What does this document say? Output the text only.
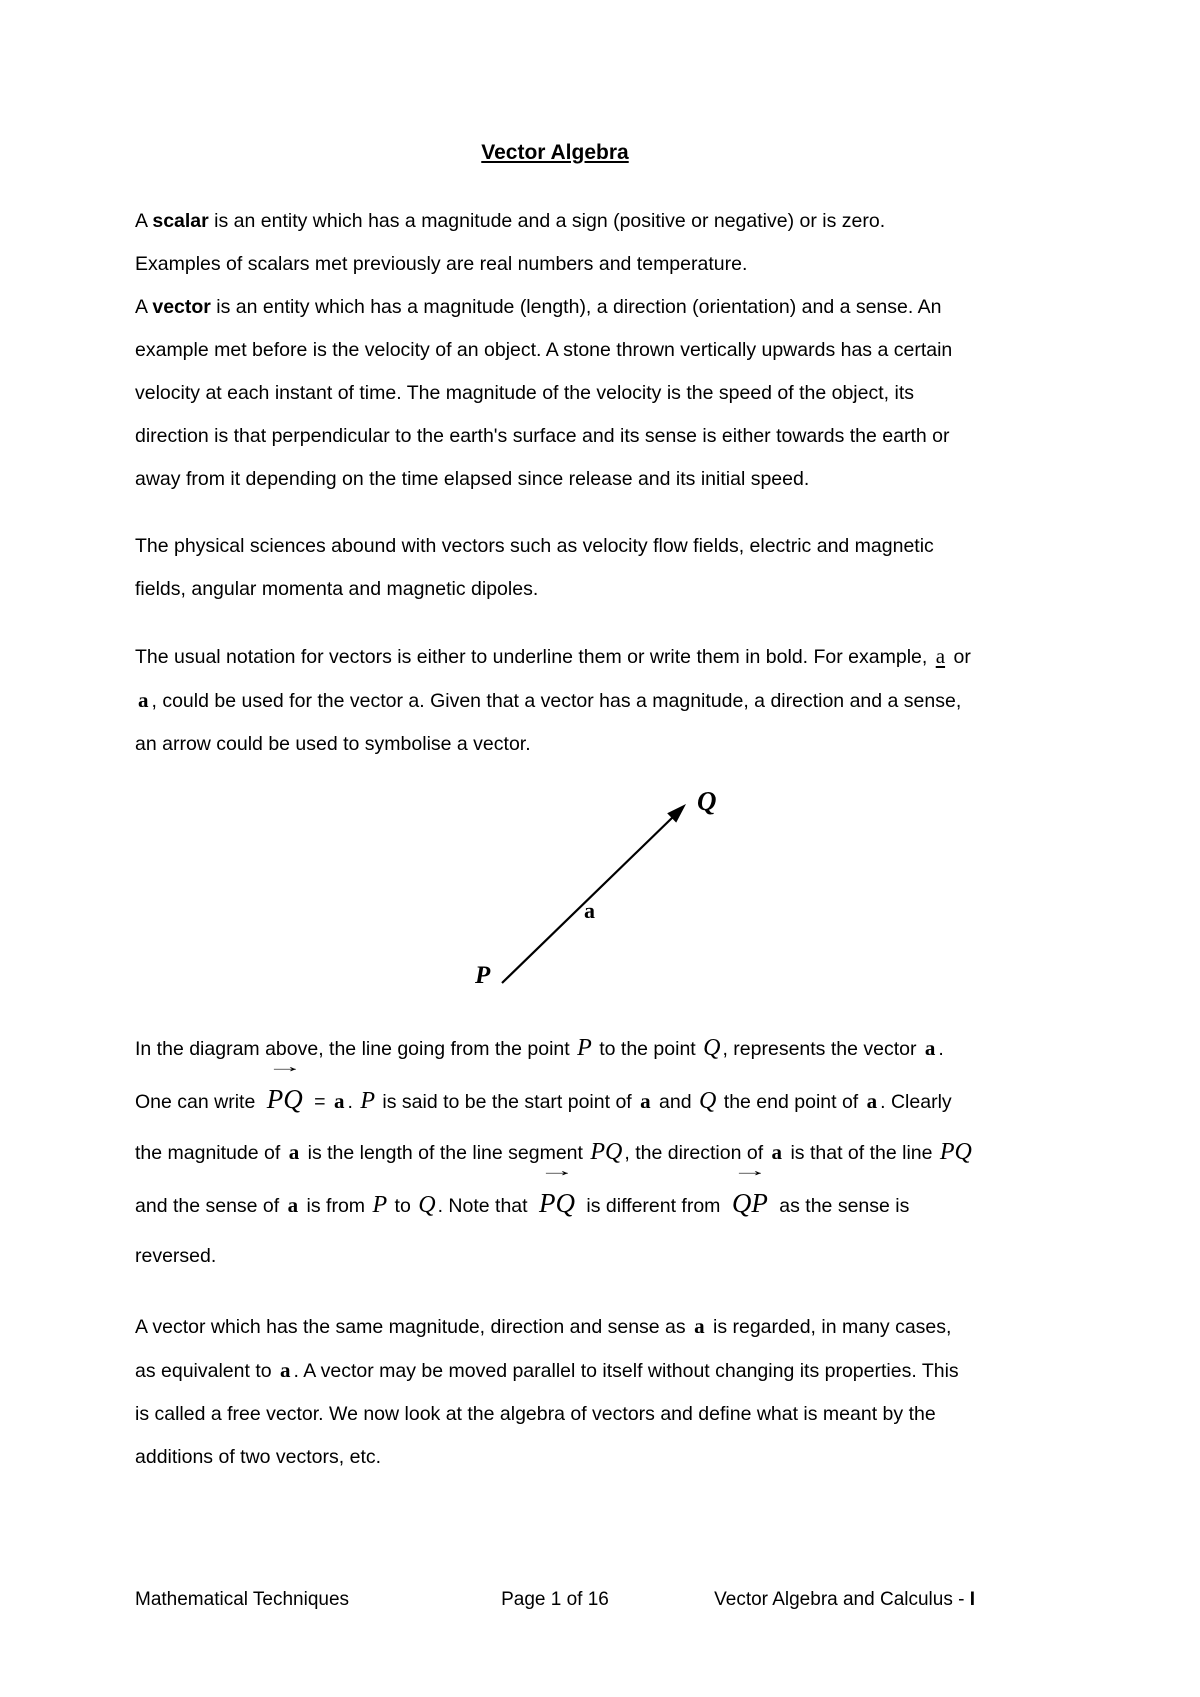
Vector Algebra

A scalar is an entity which has a magnitude and a sign (positive or negative) or is zero. Examples of scalars met previously are real numbers and temperature.
A vector is an entity which has a magnitude (length), a direction (orientation) and a sense. An example met before is the velocity of an object. A stone thrown vertically upwards has a certain velocity at each instant of time. The magnitude of the velocity is the speed of the object, its direction is that perpendicular to the earth's surface and its sense is either towards the earth or away from it depending on the time elapsed since release and its initial speed.

The physical sciences abound with vectors such as velocity flow fields, electric and magnetic fields, angular momenta and magnetic dipoles.

The usual notation for vectors is either to underline them or write them in bold. For example, a or a , could be used for the vector a. Given that a vector has a magnitude, a direction and a sense, an arrow could be used to symbolise a vector.

P
Q
a

In the diagram above, the line going from the point P to the point Q , represents the vector a . One can write
→
PQ = a . P is said to be the start point of a and Q the end point of a . Clearly the magnitude of a is the length of the line segment PQ , the direction of a is that of the line PQ and the sense of a is from P to Q . Note that
→
PQ is different from
→
QP as the sense is reversed.

A vector which has the same magnitude, direction and sense as a is regarded, in many cases, as equivalent to a . A vector may be moved parallel to itself without changing its properties. This is called a free vector. We now look at the algebra of vectors and define what is meant by the additions of two vectors, etc.

Mathematical Techniques	Page 1 of 16	Vector Algebra and Calculus - I
